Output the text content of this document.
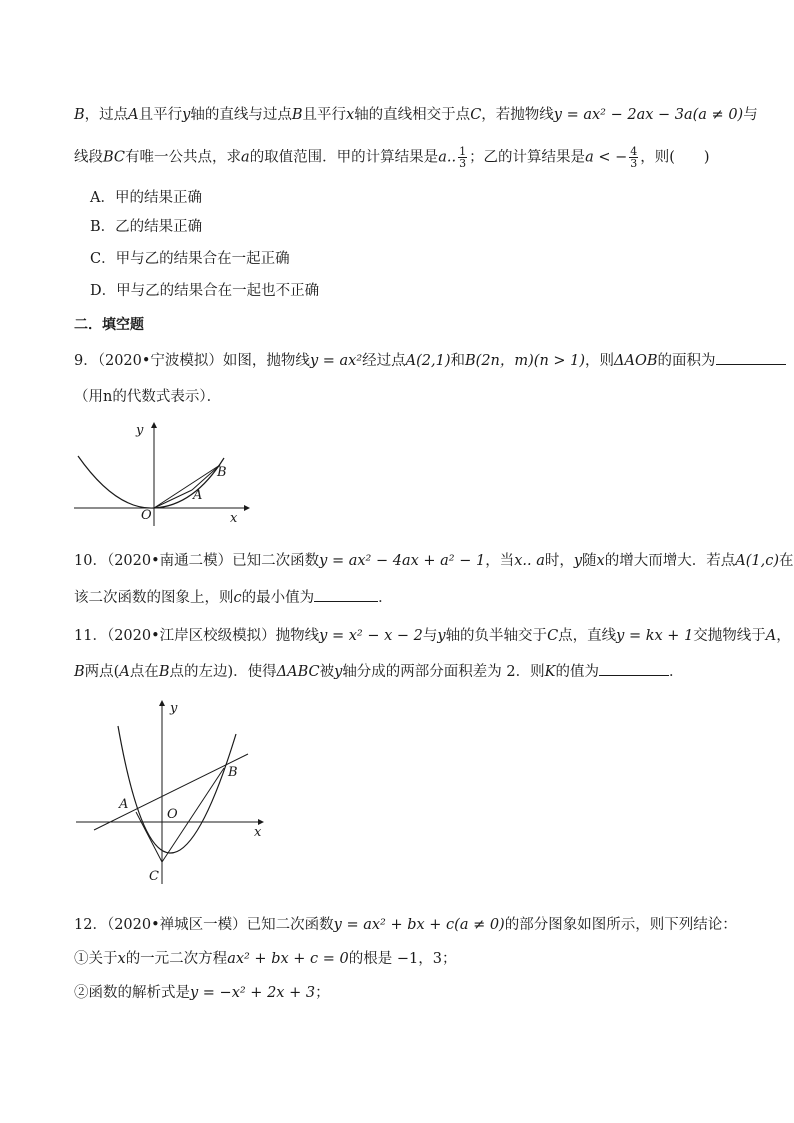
B，过点A且平行y轴的直线与过点B且平行x轴的直线相交于点C，若抛物线y = ax² − 2ax − 3a(a ≠ 0)与
线段BC有唯一公共点，求a的取值范围．甲的计算结果是a.. $\frac{1}{3}$ ；乙的计算结果是a < − $\frac{4}{3}$ ，则(　　)
A．甲的结果正确
B．乙的结果正确
C．甲与乙的结果合在一起正确
D．甲与乙的结果合在一起也不正确
二．填空题
9．（2020•宁波模拟）如图，抛物线y = ax²经过点A(2,1)和B(2n，m)(n > 1)，则ΔAOB的面积为
（用n的代数式表示）．
y
x
O
A
B
10．（2020•南通二模）已知二次函数y = ax² − 4ax + a² − 1，当x.. a时，y随x的增大而增大．若点A(1,c)在
该二次函数的图象上，则c的最小值为	．
11．（2020•江岸区校级模拟）抛物线y = x² − x − 2与y轴的负半轴交于C点，直线y = kx + 1交抛物线于A，
B两点(A点在B点的左边)．使得ΔABC被y轴分成的两部分面积差为 2．则K的值为	．
y
x
O
A
B
C
12．（2020•禅城区一模）已知二次函数y = ax² + bx + c(a ≠ 0)的部分图象如图所示，则下列结论：
①关于x的一元二次方程ax² + bx + c = 0的根是 −1，3；
②函数的解析式是y = −x² + 2x + 3；
